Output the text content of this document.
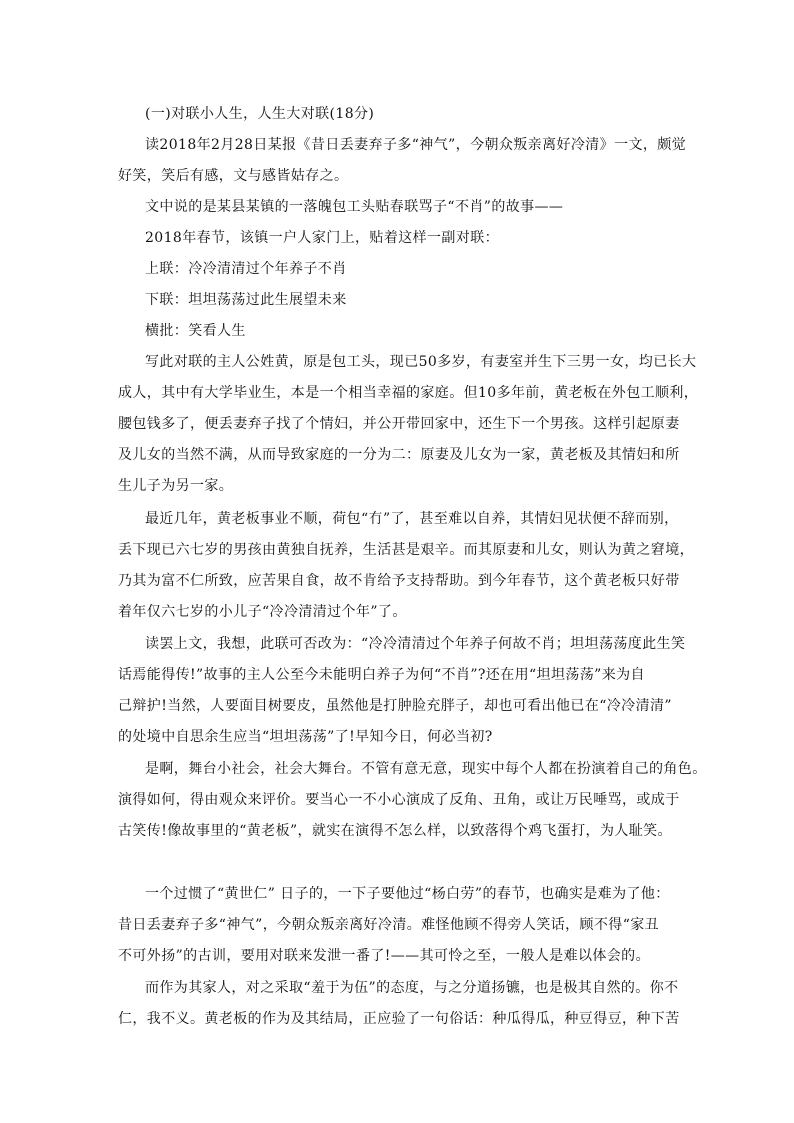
(一)对联小人生，人生大对联(18分)
读2018年2月28日某报《昔日丢妻弃子多“神气”，今朝众叛亲离好冷清》一文，颇觉
好笑，笑后有感，文与感皆姑存之。
文中说的是某县某镇的一落魄包工头贴春联骂子“不肖”的故事——
2018年春节，该镇一户人家门上，贴着这样一副对联：
上联：冷冷清清过个年养子不肖
下联：坦坦荡荡过此生展望未来
横批：笑看人生
写此对联的主人公姓黄，原是包工头，现已50多岁，有妻室并生下三男一女，均已长大
成人，其中有大学毕业生，本是一个相当幸福的家庭。但10多年前，黄老板在外包工顺利，
腰包钱多了，便丢妻弃子找了个情妇，并公开带回家中，还生下一个男孩。这样引起原妻
及儿女的当然不满，从而导致家庭的一分为二：原妻及儿女为一家，黄老板及其情妇和所
生儿子为另一家。
最近几年，黄老板事业不顺，荷包“冇”了，甚至难以自养，其情妇见状便不辞而别，
丢下现已六七岁的男孩由黄独自抚养，生活甚是艰辛。而其原妻和儿女，则认为黄之窘境，
乃其为富不仁所致，应苦果自食，故不肯给予支持帮助。到今年春节，这个黄老板只好带
着年仅六七岁的小儿子“冷冷清清过个年”了。
读罢上文，我想，此联可否改为：“冷冷清清过个年养子何故不肖；坦坦荡荡度此生笑
话焉能得传!”故事的主人公至今未能明白养子为何“不肖”?还在用“坦坦荡荡”来为自
己辩护!当然，人要面目树要皮，虽然他是打肿脸充胖子，却也可看出他已在“冷冷清清”
的处境中自思余生应当“坦坦荡荡”了!早知今日，何必当初?
是啊，舞台小社会，社会大舞台。不管有意无意，现实中每个人都在扮演着自己的角色。
演得如何，得由观众来评价。要当心一不小心演成了反角、丑角，或让万民唾骂，或成于
古笑传!像故事里的“黄老板”，就实在演得不怎么样，以致落得个鸡飞蛋打，为人耻笑。
一个过惯了“黄世仁” 日子的，一下子要他过“杨白劳”的春节，也确实是难为了他：
昔日丢妻弃子多“神气”，今朝众叛亲离好冷清。难怪他顾不得旁人笑话，顾不得“家丑
不可外扬”的古训，要用对联来发泄一番了!——其可怜之至，一般人是难以体会的。
而作为其家人，对之采取“羞于为伍”的态度，与之分道扬镳，也是极其自然的。你不
仁，我不义。黄老板的作为及其结局，正应验了一句俗话：种瓜得瓜，种豆得豆，种下苦
